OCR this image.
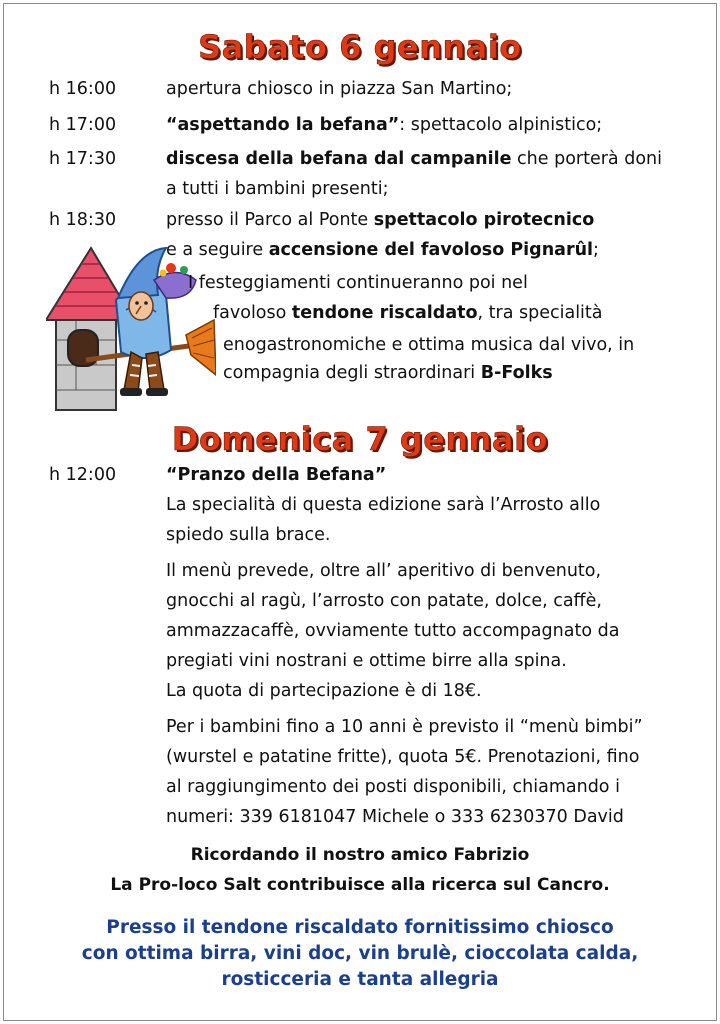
Sabato 6 gennaio
h 16:00	apertura chiosco in piazza San Martino;
h 17:00	“aspettando la befana”: spettacolo alpinistico;
h 17:30	discesa della befana dal campanile che porterà doni
a tutti i bambini presenti;
h 18:30	presso il Parco al Ponte spettacolo pirotecnico
e a seguire accensione del favoloso Pignarûl;
I festeggiamenti continueranno poi nel
favoloso tendone riscaldato, tra specialità
enogastronomiche e ottima musica dal vivo, in
compagnia degli straordinari B-Folks
Domenica 7 gennaio
h 12:00	“Pranzo della Befana”
La specialità di questa edizione sarà l’Arrosto allo
spiedo sulla brace.
Il menù prevede, oltre all’ aperitivo di benvenuto,
gnocchi al ragù, l’arrosto con patate, dolce, caffè,
ammazzacaffè, ovviamente tutto accompagnato da
pregiati vini nostrani e ottime birre alla spina.
La quota di partecipazione è di 18€.
Per i bambini fino a 10 anni è previsto il “menù bimbi”
(wurstel e patatine fritte), quota 5€. Prenotazioni, fino
al raggiungimento dei posti disponibili, chiamando i
numeri: 339 6181047 Michele o 333 6230370 David
Ricordando il nostro amico Fabrizio
La Pro-loco Salt contribuisce alla ricerca sul Cancro.
Presso il tendone riscaldato fornitissimo chiosco
con ottima birra, vini doc, vin brulè, cioccolata calda,
rosticceria e tanta allegria
